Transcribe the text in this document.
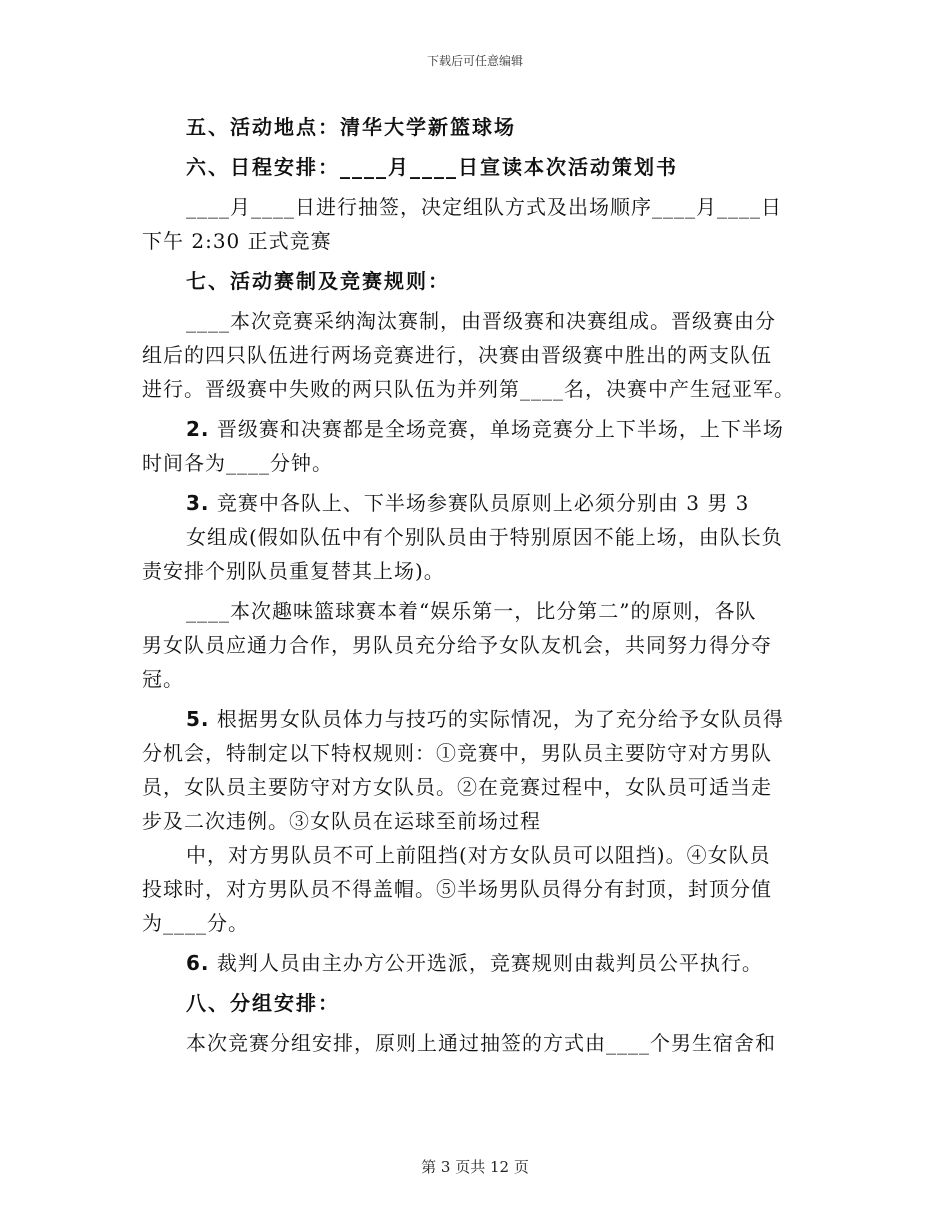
下载后可任意编辑
五、活动地点：清华大学新篮球场
六、日程安排：____月____日宣读本次活动策划书
____月____日进行抽签，决定组队方式及出场顺序____月____日
下午 2:30 正式竞赛
七、活动赛制及竞赛规则：
____本次竞赛采纳淘汰赛制，由晋级赛和决赛组成。晋级赛由分
组后的四只队伍进行两场竞赛进行，决赛由晋级赛中胜出的两支队伍
进行。晋级赛中失败的两只队伍为并列第____名，决赛中产生冠亚军。
2. 晋级赛和决赛都是全场竞赛，单场竞赛分上下半场，上下半场
时间各为____分钟。
3. 竞赛中各队上、下半场参赛队员原则上必须分别由 3 男 3
女组成(假如队伍中有个别队员由于特别原因不能上场，由队长负
责安排个别队员重复替其上场)。
____本次趣味篮球赛本着“娱乐第一，比分第二”的原则，各队
男女队员应通力合作，男队员充分给予女队友机会，共同努力得分夺
冠。
5. 根据男女队员体力与技巧的实际情况，为了充分给予女队员得
分机会，特制定以下特权规则：①竞赛中，男队员主要防守对方男队
员，女队员主要防守对方女队员。②在竞赛过程中，女队员可适当走
步及二次违例。③女队员在运球至前场过程
中，对方男队员不可上前阻挡(对方女队员可以阻挡)。④女队员
投球时，对方男队员不得盖帽。⑤半场男队员得分有封顶，封顶分值
为____分。
6. 裁判人员由主办方公开选派，竞赛规则由裁判员公平执行。
八、分组安排：
本次竞赛分组安排，原则上通过抽签的方式由____个男生宿舍和
第 3 页共 12 页
